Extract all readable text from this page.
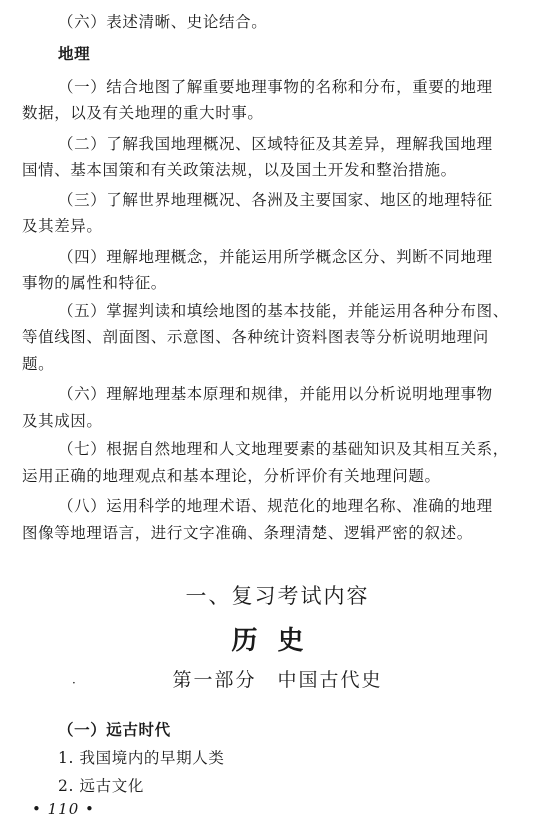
（六）表述清晰、史论结合。
地理
（一）结合地图了解重要地理事物的名称和分布，重要的地理
数据，以及有关地理的重大时事。
（二）了解我国地理概况、区域特征及其差异，理解我国地理
国情、基本国策和有关政策法规，以及国土开发和整治措施。
（三）了解世界地理概况、各洲及主要国家、地区的地理特征
及其差异。
（四）理解地理概念，并能运用所学概念区分、判断不同地理
事物的属性和特征。
（五）掌握判读和填绘地图的基本技能，并能运用各种分布图、
等值线图、剖面图、示意图、各种统计资料图表等分析说明地理问
题。
（六）理解地理基本原理和规律，并能用以分析说明地理事物
及其成因。
（七）根据自然地理和人文地理要素的基础知识及其相互关系，
运用正确的地理观点和基本理论，分析评价有关地理问题。
（八）运用科学的地理术语、规范化的地理名称、准确的地理
图像等地理语言，进行文字准确、条理清楚、逻辑严密的叙述。
一、复习考试内容
历史
第一部分　中国古代史
·
（一）远古时代
1. 我国境内的早期人类
2. 远古文化
• 110 •
